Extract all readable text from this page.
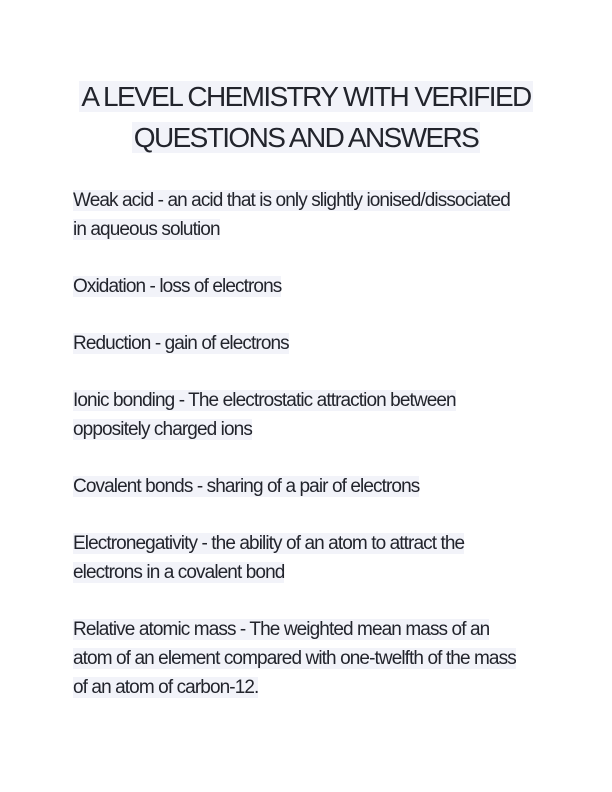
A LEVEL CHEMISTRY WITH VERIFIED
QUESTIONS AND ANSWERS
Weak acid - an acid that is only slightly ionised/dissociated in aqueous solution
Oxidation - loss of electrons
Reduction - gain of electrons
Ionic bonding - The electrostatic attraction between oppositely charged ions
Covalent bonds - sharing of a pair of electrons
Electronegativity - the ability of an atom to attract the electrons in a covalent bond
Relative atomic mass - The weighted mean mass of an atom of an element compared with one-twelfth of the mass of an atom of carbon-12.
